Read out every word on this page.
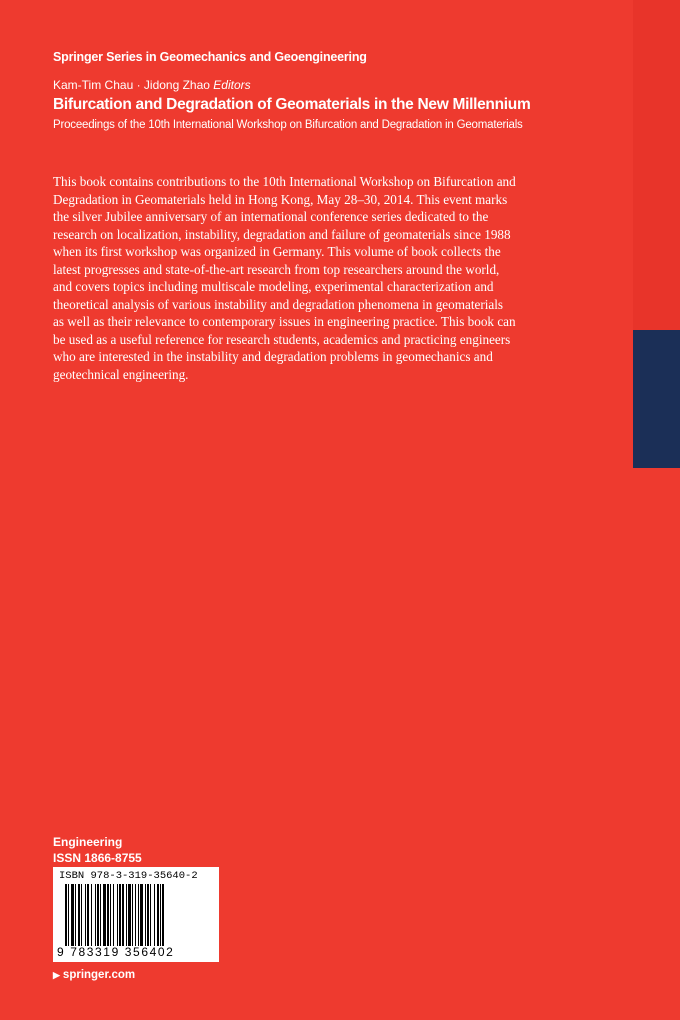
Springer Series in Geomechanics and Geoengineering
Kam-Tim Chau · Jidong Zhao Editors
Bifurcation and Degradation of Geomaterials in the New Millennium
Proceedings of the 10th International Workshop on Bifurcation and Degradation in Geomaterials
This book contains contributions to the 10th International Workshop on Bifurcation and
Degradation in Geomaterials held in Hong Kong, May 28–30, 2014. This event marks
the silver Jubilee anniversary of an international conference series dedicated to the
research on localization, instability, degradation and failure of geomaterials since 1988
when its first workshop was organized in Germany. This volume of book collects the
latest progresses and state-of-the-art research from top researchers around the world,
and covers topics including multiscale modeling, experimental characterization and
theoretical analysis of various instability and degradation phenomena in geomaterials
as well as their relevance to contemporary issues in engineering practice. This book can
be used as a useful reference for research students, academics and practicing engineers
who are interested in the instability and degradation problems in geomechanics and
geotechnical engineering.
Engineering
ISSN 1866-8755
ISBN 978-3-319-35640-2
9 783319 356402
▶ springer.com
